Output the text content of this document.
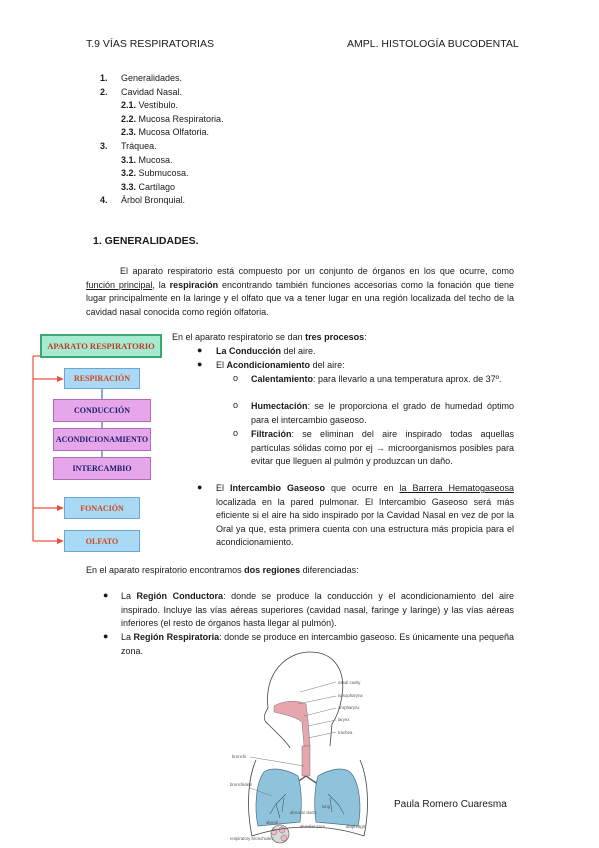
T.9 VÍAS RESPIRATORIAS	AMPL. HISTOLOGÍA BUCODENTAL
1. Generalidades.
2. Cavidad Nasal.
2.1. Vestíbulo.
2.2. Mucosa Respiratoria.
2.3. Mucosa Olfatoria.
3. Tráquea.
3.1. Mucosa.
3.2. Submucosa.
3.3. Cartílago
4. Árbol Bronquial.
1. GENERALIDADES.
El aparato respiratorio está compuesto por un conjunto de órganos en los que ocurre, como función principal, la respiración encontrando también funciones accesorias como la fonación que tiene lugar principalmente en la laringe y el olfato que va a tener lugar en una región localizada del techo de la cavidad nasal conocida como región olfatoria.
APARATO RESPIRATORIO
RESPIRACIÓN
CONDUCCIÓN
ACONDICIONAMIENTO
INTERCAMBIO
FONACIÓN
OLFATO
En el aparato respiratorio se dan tres procesos:
● La Conducción del aire.
● El Acondicionamiento del aire:
o Calentamiento: para llevarlo a una temperatura aprox. de 37º.
o Humectación: se le proporciona el grado de humedad óptimo para el intercambio gaseoso.
o Filtración: se eliminan del aire inspirado todas aquellas partículas sólidas como por ej → microorganismos posibles para evitar que lleguen al pulmón y produzcan un daño.
● El Intercambio Gaseoso que ocurre en la Barrera Hematogaseosa localizada en la pared pulmonar. El Intercambio Gaseoso será más eficiente si el aire ha sido inspirado por la Cavidad Nasal en vez de por la Oral ya que, esta primera cuenta con una estructura más propicia para el acondicionamiento.
En el aparato respiratorio encontramos dos regiones diferenciadas:
● La Región Conductora: donde se produce la conducción y el acondicionamiento del aire inspirado. Incluye las vías aéreas superiores (cavidad nasal, faringe y laringe) y las vías aéreas inferiores (el resto de órganos hasta llegar al pulmón).
● La Región Respiratoria: donde se produce en intercambio gaseoso. Es únicamente una pequeña zona.
nasal cavity
nasopharynx
oropharynx
larynx
trachea
bronchi
bronchioles
lung
alveolar ducts
alveoli
alveolar sacs	diaphragm
respiratory bronchioles
Paula Romero Cuaresma
